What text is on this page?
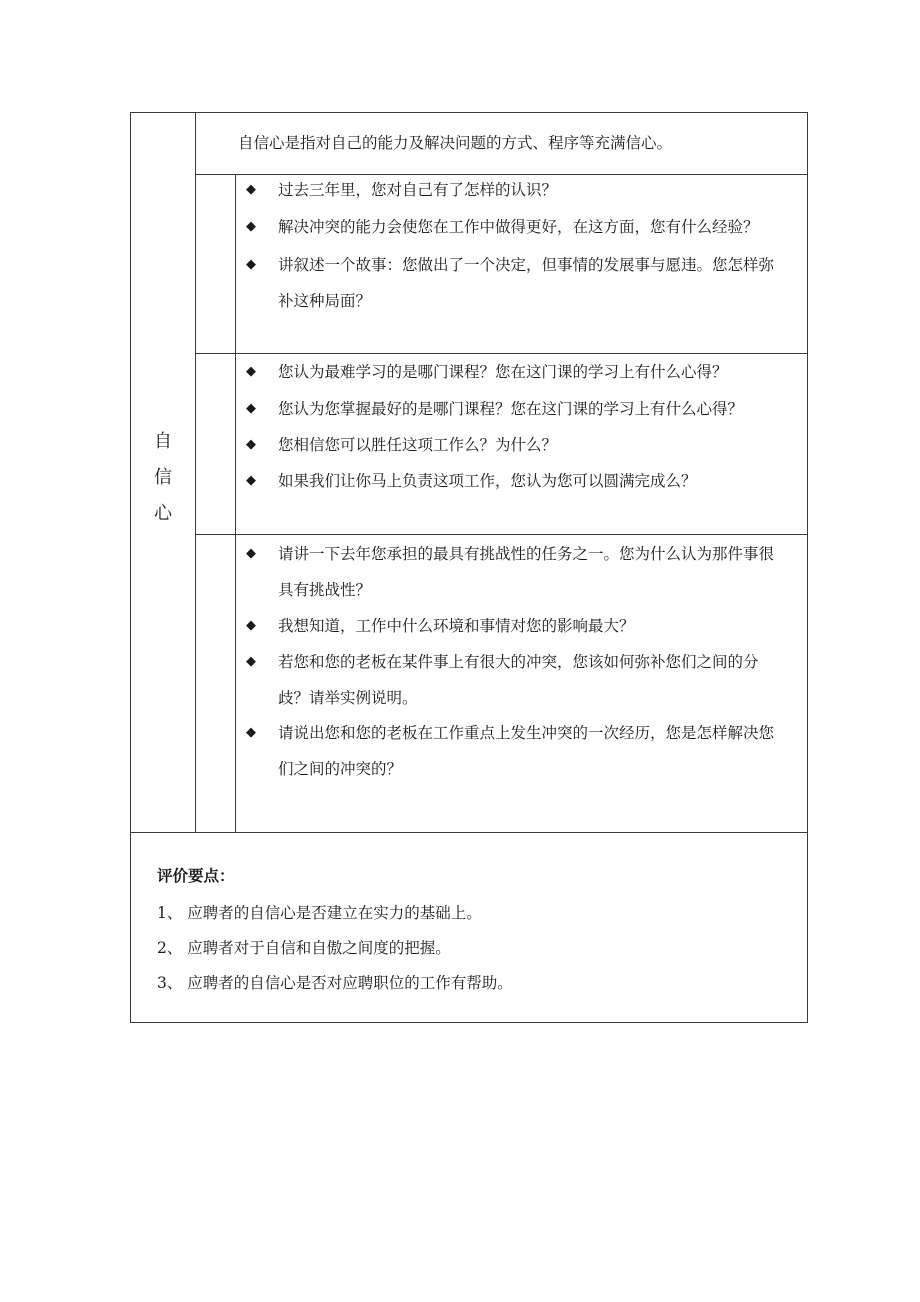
自
信
心
自信心是指对自己的能力及解决问题的方式、程序等充满信心。
◆ 过去三年里，您对自己有了怎样的认识？
◆ 解决冲突的能力会使您在工作中做得更好，在这方面，您有什么经验？
◆ 讲叙述一个故事：您做出了一个决定，但事情的发展事与愿违。您怎样弥
补这种局面？
◆ 您认为最难学习的是哪门课程？您在这门课的学习上有什么心得？
◆ 您认为您掌握最好的是哪门课程？您在这门课的学习上有什么心得？
◆ 您相信您可以胜任这项工作么？为什么？
◆ 如果我们让你马上负责这项工作，您认为您可以圆满完成么？
◆ 请讲一下去年您承担的最具有挑战性的任务之一。您为什么认为那件事很
具有挑战性？
◆ 我想知道，工作中什么环境和事情对您的影响最大？
◆ 若您和您的老板在某件事上有很大的冲突，您该如何弥补您们之间的分
歧？请举实例说明。
◆ 请说出您和您的老板在工作重点上发生冲突的一次经历，您是怎样解决您
们之间的冲突的？
评价要点：
1、 应聘者的自信心是否建立在实力的基础上。
2、 应聘者对于自信和自傲之间度的把握。
3、 应聘者的自信心是否对应聘职位的工作有帮助。
